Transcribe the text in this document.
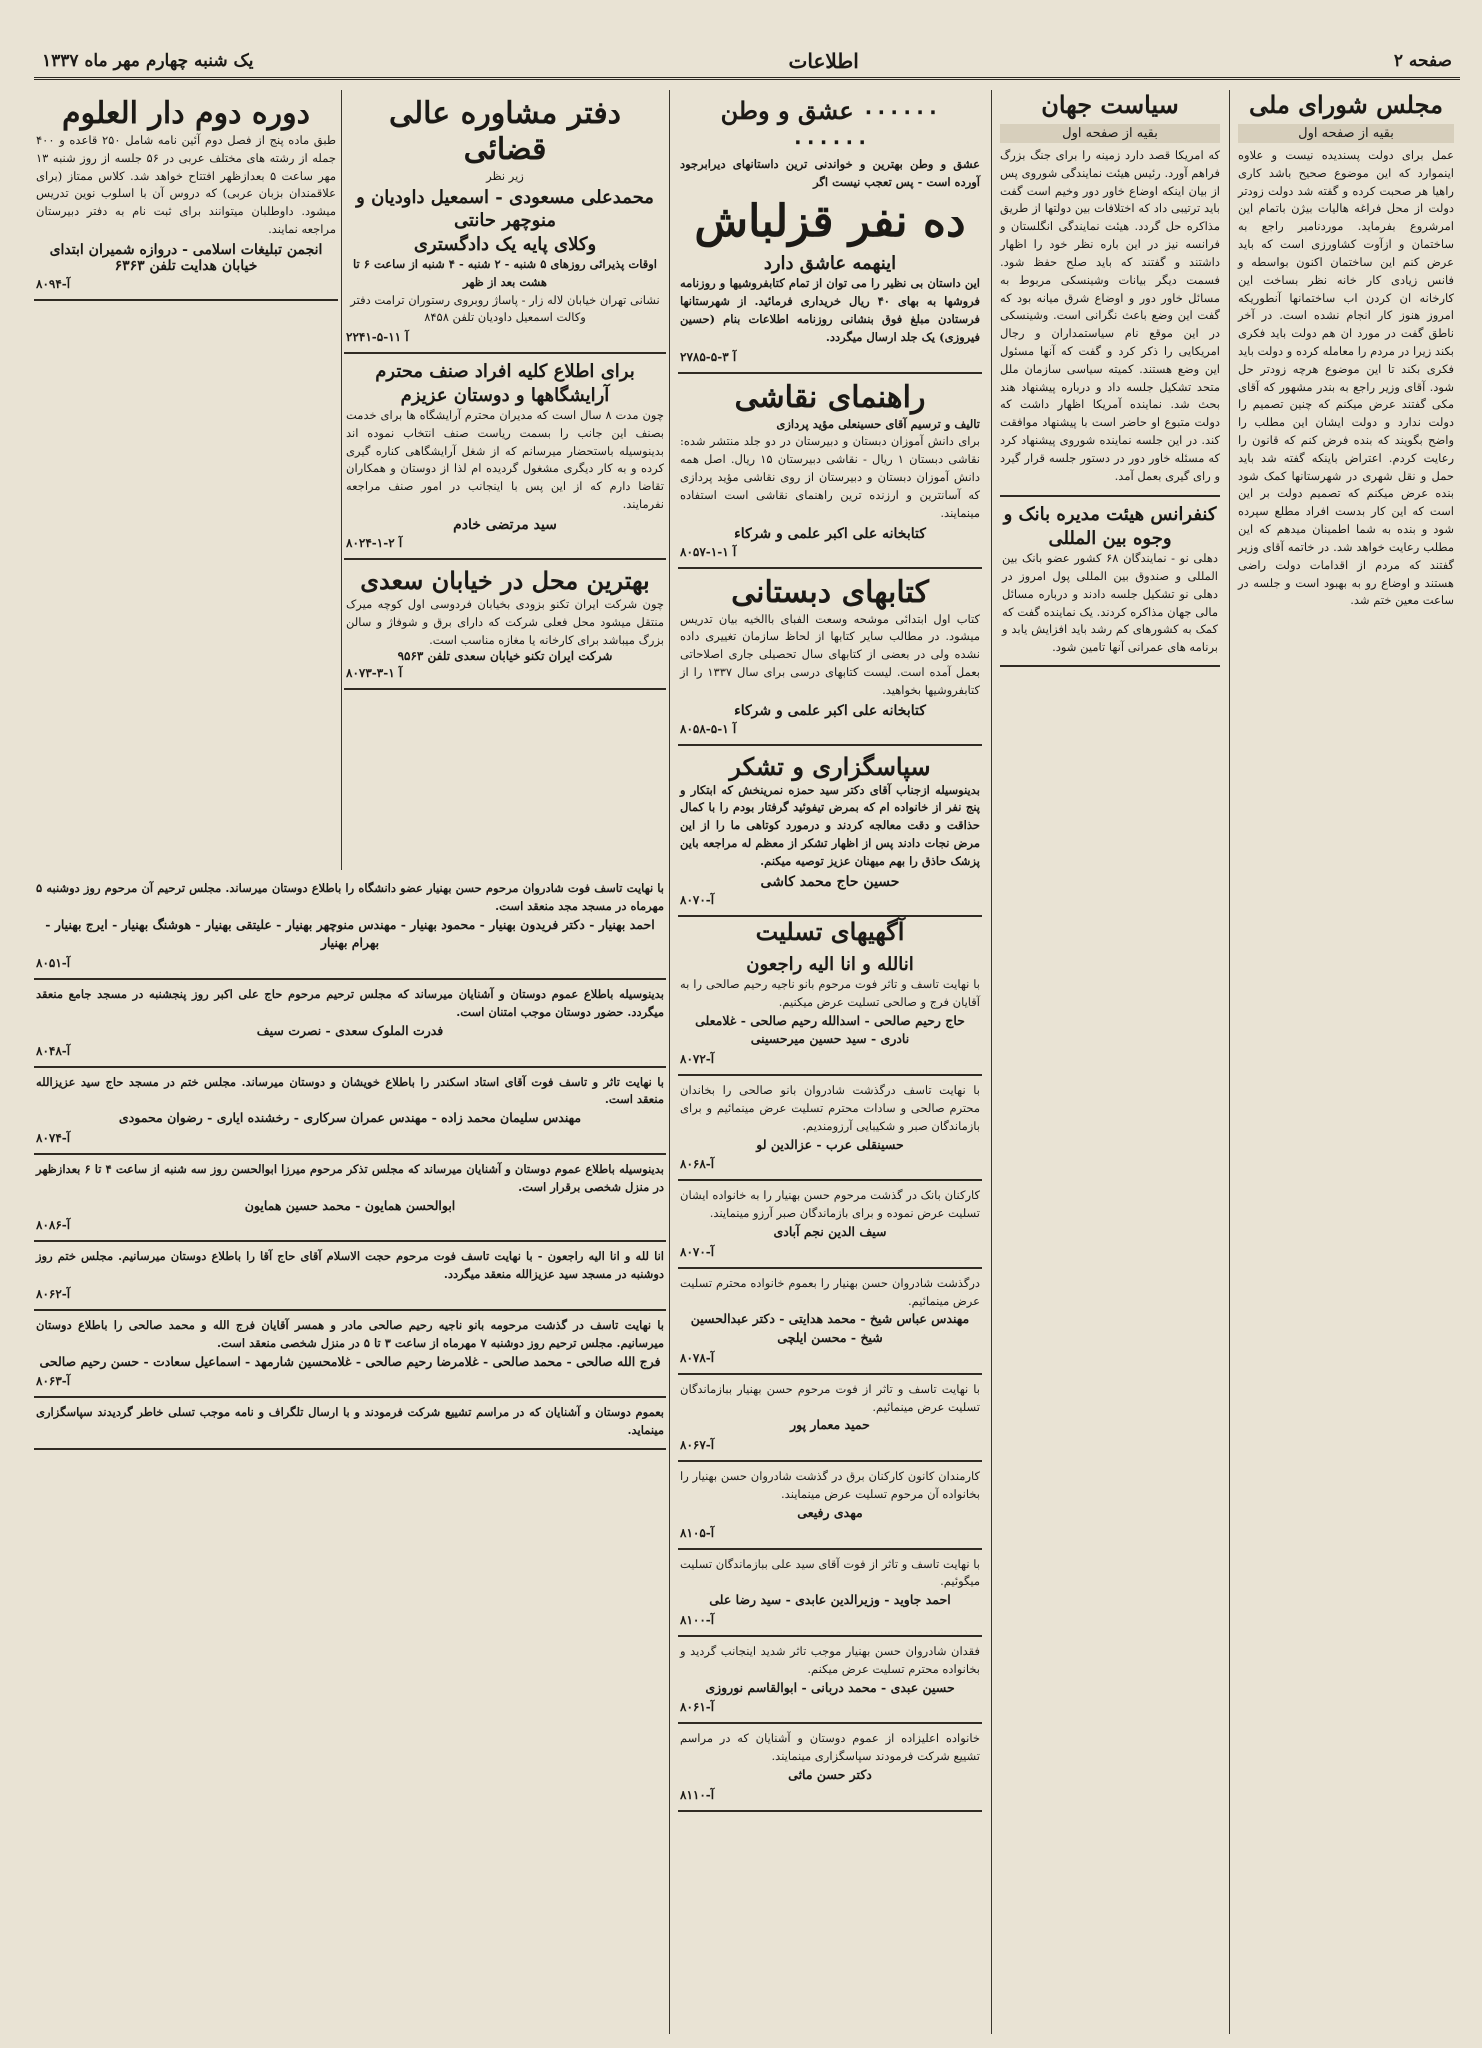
صفحه ۲
اطلاعات
یک شنبه چهارم مهر ماه ۱۳۳۷
مجلس شورای ملی
بقیه از صفحه اول
عمل برای دولت پسندیده نیست و علاوه اینموارد که این موضوع صحیح باشد کاری راهیا هر صحبت کرده و گفته شد دولت زودتر دولت از محل فراغه هالیات بیژن باتمام این امرشروع بفرماید. موردنامبر راجع به ساختمان و ازآوت کشاورزی است که باید عرض کنم این ساختمان اکنون بواسطه و فانس زیادی کار خانه نظر بساخت این کارخانه ان کردن اب ساختمانها آنطوریکه امروز هنوز کار انجام نشده است. در آخر ناطق گفت در مورد ان هم دولت باید فکری بکند زیرا در مردم را معامله کرده و دولت باید فکری بکند تا این موضوع هرچه زودتر حل شود. آقای وزیر راجع به بندر مشهور که آقای مکی گفتند عرض میکنم که چنین تصمیم را دولت ندارد و دولت ایشان این مطلب را واضح بگویند که بنده فرض کنم که قانون را رعایت کردم. اعتراض باینکه گفته شد باید حمل و نقل شهری در شهرستانها کمک شود بنده عرض میکنم که تصمیم دولت بر این است که این کار بدست افراد مطلع سپرده شود و بنده به شما اطمینان میدهم که این مطلب رعایت خواهد شد. در خاتمه آقای وزیر گفتند که مردم از اقدامات دولت راضی هستند و اوضاع رو به بهبود است و جلسه در ساعت معین ختم شد.
سیاست جهان
بقیه از صفحه اول
که امریکا قصد دارد زمینه را برای جنگ بزرگ فراهم آورد. رئیس هیئت نمایندگی شوروی پس از بیان اینکه اوضاع خاور دور وخیم است گفت باید ترتیبی داد که اختلافات بین دولتها از طریق مذاکره حل گردد. هیئت نمایندگی انگلستان و فرانسه نیز در این باره نظر خود را اظهار داشتند و گفتند که باید صلح حفظ شود. فسمت دیگر بیانات وشینسکی مربوط به مسائل خاور دور و اوضاع شرق میانه بود که گفت این وضع باعث نگرانی است. وشینسکی در این موقع نام سیاستمداران و رجال امریکایی را ذکر کرد و گفت که آنها مسئول این وضع هستند. کمیته سیاسی سازمان ملل متحد تشکیل جلسه داد و درباره پیشنهاد هند بحث شد. نماینده آمریکا اظهار داشت که دولت متبوع او حاضر است با پیشنهاد موافقت کند. در این جلسه نماینده شوروی پیشنهاد کرد که مسئله خاور دور در دستور جلسه قرار گیرد و رای گیری بعمل آمد.
کنفرانس هیئت مدیره بانک و وجوه بین المللی
دهلی نو - نمایندگان ۶۸ کشور عضو بانک بین المللی و صندوق بین المللی پول امروز در دهلی نو تشکیل جلسه دادند و درباره مسائل مالی جهان مذاکره کردند. یک نماینده گفت که کمک به کشورهای کم رشد باید افزایش یابد و برنامه های عمرانی آنها تامین شود.
۰۰۰۰۰۰ عشق و وطن ۰۰۰۰۰۰
عشق و وطن بهترین و خواندنی ترین داستانهای دیرابرجود آورده است - پس تعجب نیست اگر
ده نفر قزلباش
اینهمه عاشق دارد
این داستان بی نظیر را می توان از تمام کتابفروشیها و روزنامه فروشها به بهای ۴۰ ریال خریداری فرمائید. از شهرستانها فرستادن مبلغ فوق بنشانی روزنامه اطلاعات بنام (حسین فیروزی) یک جلد ارسال میگردد.
۲۷۸۵-آ ۳-۵
راهنمای نقاشی
تالیف و ترسیم آقای حسینعلی مؤید پردازی
برای دانش آموزان دبستان و دبیرستان در دو جلد منتشر شده: نقاشی دبستان ۱ ریال - نقاشی دبیرستان ۱۵ ریال. اصل همه دانش آموزان دبستان و دبیرستان از روی نقاشی مؤید پردازی که آسانترین و ارزنده ترین راهنمای نقاشی است استفاده مینمایند.
کتابخانه علی اکبر علمی و شرکاء
۸۰۵۷-آ ۱-۱
کتابهای دبستانی
کتاب اول ابتدائی موشحه وسعت الفبای باالخیه بیان تدریس میشود. در مطالب سایر کتابها از لحاظ سازمان تغییری داده نشده ولی در بعضی از کتابهای سال تحصیلی جاری اصلاحاتی بعمل آمده است. لیست کتابهای درسی برای سال ۱۳۳۷ را از کتابفروشیها بخواهید.
کتابخانه علی اکبر علمی و شرکاء
۸۰۵۸-آ ۱-۵
سپاسگزاری و تشکر
بدینوسیله ازجناب آقای دکتر سید حمزه نمرینخش که ابتکار و پنج نفر از خانواده ام که بمرض تیفوئید گرفتار بودم را با کمال حذاقت و دقت معالجه کردند و درمورد کوتاهی ما را از این مرض نجات دادند پس از اظهار تشکر از معظم له مراجعه باین پزشک حاذق را بهم میهنان عزیز توصیه میکنم.
حسین حاج محمد کاشی
۸۰۷۰-آ
آگهیهای تسلیت
انالله و انا الیه راجعون
با نهایت تاسف و تاثر فوت مرحوم بانو ناجیه رحیم صالحی را به آقایان فرج و صالحی تسلیت عرض میکنیم.
حاج رحیم صالحی - اسدالله رحیم صالحی - غلامعلی نادری - سید حسین میرحسینی
۸۰۷۲-آ
با نهایت تاسف درگذشت شادروان بانو صالحی را بخاندان محترم صالحی و سادات محترم تسلیت عرض مینمائیم و برای بازماندگان صبر و شکیبایی آرزومندیم.
حسینقلی عرب - عزالدین لو
۸۰۶۸-آ
کارکنان بانک در گذشت مرحوم حسن بهنیار را به خانواده ایشان تسلیت عرض نموده و برای بازماندگان صبر آرزو مینمایند.
سیف الدین نجم آبادی
۸۰۷۰-آ
درگذشت شادروان حسن بهنیار را بعموم خانواده محترم تسلیت عرض مینمائیم.
مهندس عباس شیخ - محمد هدایتی - دکتر عبدالحسین شیخ - محسن ایلچی
۸۰۷۸-آ
با نهایت تاسف و تاثر از فوت مرحوم حسن بهنیار ببازماندگان تسلیت عرض مینمائیم.
حمید معمار پور
۸۰۶۷-آ
کارمندان کانون کارکنان برق در گذشت شادروان حسن بهنیار را بخانواده آن مرحوم تسلیت عرض مینمایند.
مهدی رفیعی
۸۱۰۵-آ
با نهایت تاسف و تاثر از فوت آقای سید علی ببازماندگان تسلیت میگوئیم.
احمد جاوید - وزیرالدین عابدی - سید رضا علی
۸۱۰۰-آ
فقدان شادروان حسن بهنیار موجب تاثر شدید اینجانب گردید و بخانواده محترم تسلیت عرض میکنم.
حسین عبدی - محمد دربانی - ابوالقاسم نوروزی
۸۰۶۱-آ
خانواده اعلیزاده از عموم دوستان و آشنایان که در مراسم تشییع شرکت فرمودند سپاسگزاری مینمایند.
دکتر حسن ماثی
۸۱۱۰-آ
دفتر مشاوره عالی قضائی
زیر نظر
محمدعلی مسعودی - اسمعیل داودیان و منوچهر حانتی
وکلای پایه یک دادگستری
اوقات پذیرائی روزهای ۵ شنبه - ۲ شنبه - ۴ شنبه از ساعت ۶ تا هشت بعد از ظهر
نشانی تهران خیابان لاله زار - پاساژ روبروی رستوران ترامت دفتر وکالت اسمعیل داودیان تلفن ۸۴۵۸
۲۲۴۱-آ ۱۱-۵
برای اطلاع کلیه افراد صنف محترم آرایشگاهها و دوستان عزیزم
چون مدت ۸ سال است که مدیران محترم آرایشگاه ها برای خدمت بصنف این جانب را بسمت ریاست صنف انتخاب نموده اند بدینوسیله باستحضار میرسانم که از شغل آرایشگاهی کناره گیری کرده و به کار دیگری مشغول گردیده ام لذا از دوستان و همکاران تقاضا دارم که از این پس با اینجانب در امور صنف مراجعه نفرمایند.
سید مرتضی خادم
۸۰۲۴-آ ۲-۱
بهترین محل در خیابان سعدی
چون شرکت ایران تکنو بزودی بخیابان فردوسی اول کوچه میرک منتقل میشود محل فعلی شرکت که دارای برق و شوفاژ و سالن بزرگ میباشد برای کارخانه یا مغازه مناسب است.
شرکت ایران تکنو خیابان سعدی تلفن ۹۵۶۳
۸۰۷۳-آ ۱-۳
دوره دوم دار العلوم
طبق ماده پنج از فصل دوم آئین نامه شامل ۲۵۰ قاعده و ۴۰۰ جمله از رشته های مختلف عربی در ۵۶ جلسه از روز شنبه ۱۳ مهر ساعت ۵ بعدازظهر افتتاح خواهد شد. کلاس ممتاز (برای علاقمندان بزبان عربی) که دروس آن با اسلوب نوین تدریس میشود. داوطلبان میتوانند برای ثبت نام به دفتر دبیرستان مراجعه نمایند.
انجمن تبلیغات اسلامی - دروازه شمیران ابتدای خیابان هدایت تلفن ۶۳۶۳
۸۰۹۴-آ
با نهایت تاسف فوت شادروان مرحوم حسن بهنیار عضو دانشگاه را باطلاع دوستان میرساند. مجلس ترحیم آن مرحوم روز دوشنبه ۵ مهرماه در مسجد مجد منعقد است.
احمد بهنیار - دکتر فریدون بهنیار - محمود بهنیار - مهندس منوچهر بهنیار - علیتقی بهنیار - هوشنگ بهنیار - ایرج بهنیار - بهرام بهنیار
۸۰۵۱-آ
بدینوسیله باطلاع عموم دوستان و آشنایان میرساند که مجلس ترحیم مرحوم حاج علی اکبر روز پنجشنبه در مسجد جامع منعقد میگردد. حضور دوستان موجب امتنان است.
فدرت الملوک سعدی - نصرت سیف
۸۰۴۸-آ
با نهایت تاثر و تاسف فوت آقای استاد اسکندر را باطلاع خویشان و دوستان میرساند. مجلس ختم در مسجد حاج سید عزیزالله منعقد است.
مهندس سلیمان محمد زاده - مهندس عمران سرکاری - رخشنده ایاری - رضوان محمودی
۸۰۷۴-آ
بدینوسیله باطلاع عموم دوستان و آشنایان میرساند که مجلس تذکر مرحوم میرزا ابوالحسن روز سه شنبه از ساعت ۴ تا ۶ بعدازظهر در منزل شخصی برقرار است.
ابوالحسن همایون - محمد حسین همایون
۸۰۸۶-آ
انا لله و انا الیه راجعون - با نهایت تاسف فوت مرحوم حجت الاسلام آقای حاج آقا را باطلاع دوستان میرسانیم. مجلس ختم روز دوشنبه در مسجد سید عزیزالله منعقد میگردد.
۸۰۶۲-آ
با نهایت تاسف در گذشت مرحومه بانو ناجیه رحیم صالحی مادر و همسر آقایان فرج الله و محمد صالحی را باطلاع دوستان میرسانیم. مجلس ترحیم روز دوشنبه ۷ مهرماه از ساعت ۳ تا ۵ در منزل شخصی منعقد است.
فرج الله صالحی - محمد صالحی - غلامرضا رحیم صالحی - غلامحسین شارمهد - اسماعیل سعادت - حسن رحیم صالحی
۸۰۶۳-آ
بعموم دوستان و آشنایان که در مراسم تشییع شرکت فرمودند و با ارسال تلگراف و نامه موجب تسلی خاطر گردیدند سپاسگزاری مینماید.
